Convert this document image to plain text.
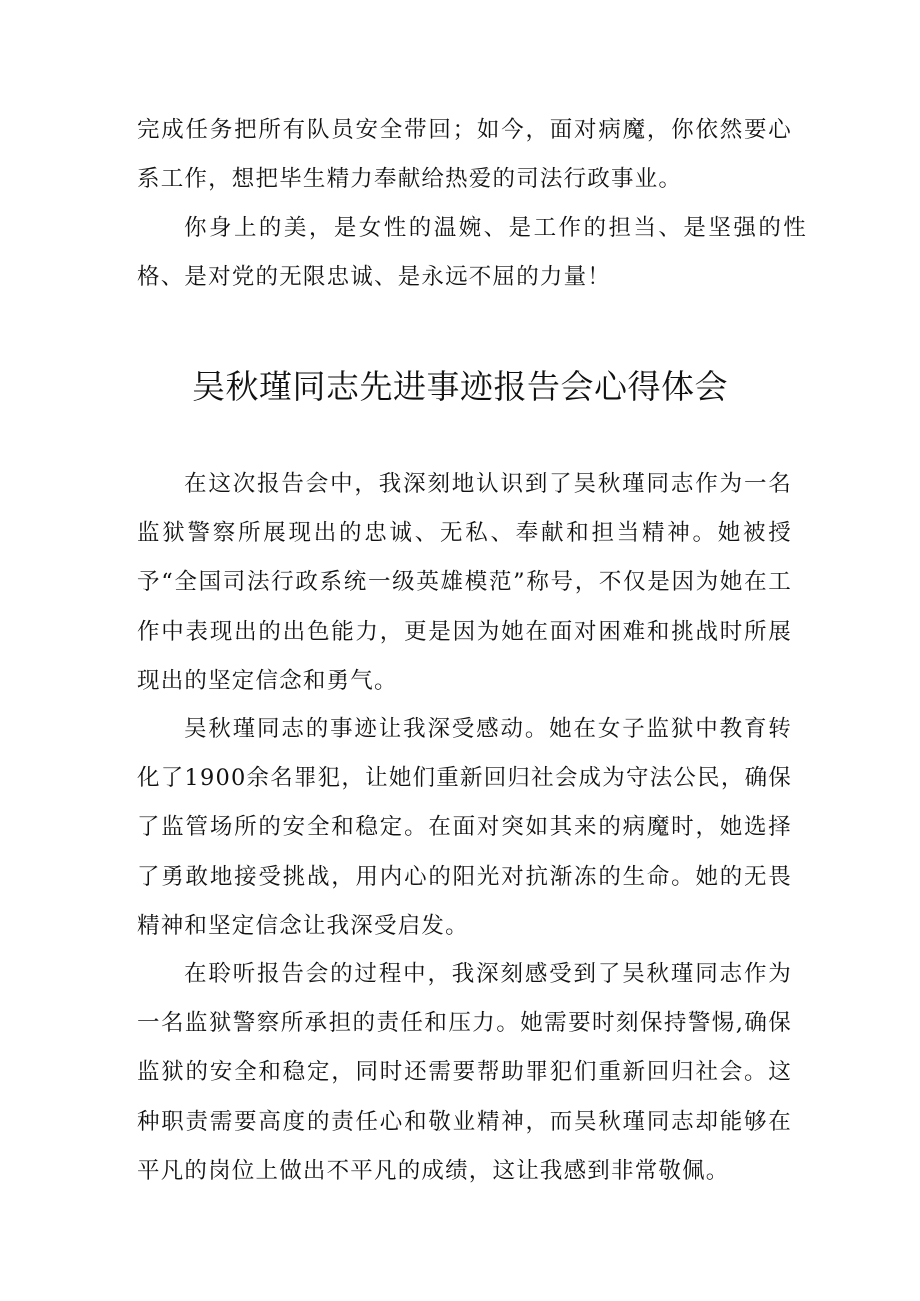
完成任务把所有队员安全带回；如今，面对病魔，你依然要心系工作，想把毕生精力奉献给热爱的司法行政事业。

你身上的美，是女性的温婉、是工作的担当、是坚强的性格、是对党的无限忠诚、是永远不屈的力量！

吴秋瑾同志先进事迹报告会心得体会

在这次报告会中，我深刻地认识到了吴秋瑾同志作为一名监狱警察所展现出的忠诚、无私、奉献和担当精神。她被授予“全国司法行政系统一级英雄模范”称号，不仅是因为她在工作中表现出的出色能力，更是因为她在面对困难和挑战时所展现出的坚定信念和勇气。

吴秋瑾同志的事迹让我深受感动。她在女子监狱中教育转化了1900余名罪犯，让她们重新回归社会成为守法公民，确保了监管场所的安全和稳定。在面对突如其来的病魔时，她选择了勇敢地接受挑战，用内心的阳光对抗渐冻的生命。她的无畏精神和坚定信念让我深受启发。

在聆听报告会的过程中，我深刻感受到了吴秋瑾同志作为一名监狱警察所承担的责任和压力。她需要时刻保持警惕,确保监狱的安全和稳定，同时还需要帮助罪犯们重新回归社会。这种职责需要高度的责任心和敬业精神，而吴秋瑾同志却能够在平凡的岗位上做出不平凡的成绩，这让我感到非常敬佩。
